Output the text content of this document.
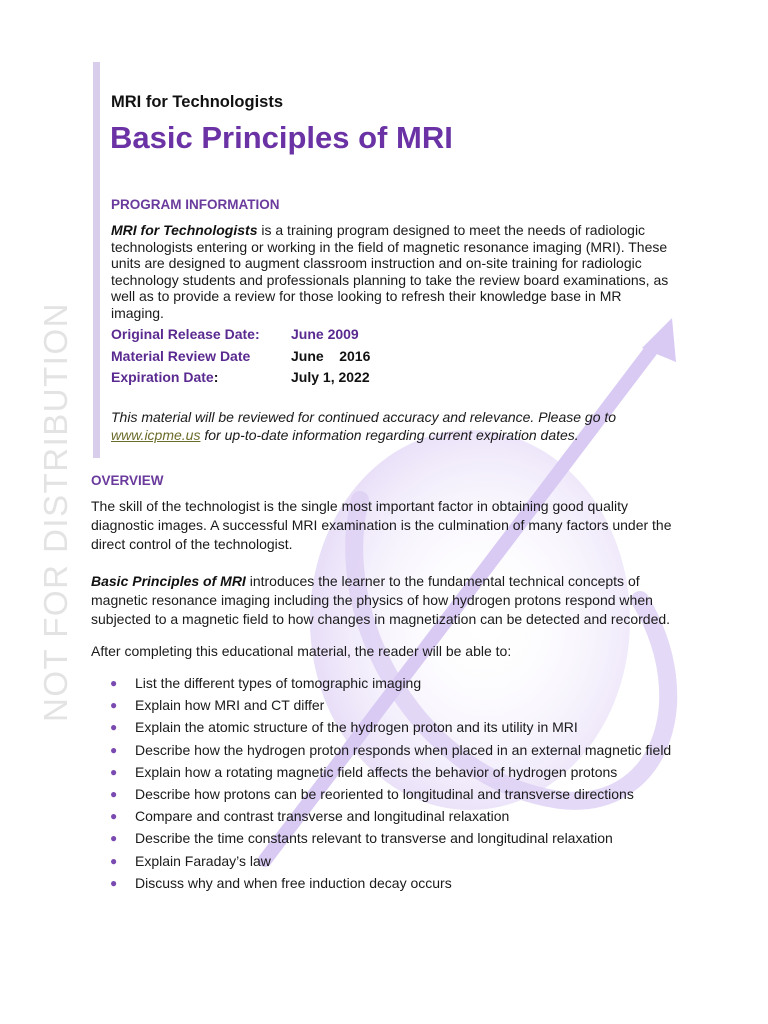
NOT FOR DISTRIBUTION
MRI for Technologists
Basic Principles of MRI
PROGRAM INFORMATION
MRI for Technologists is a training program designed to meet the needs of radiologic technologists entering or working in the field of magnetic resonance imaging (MRI). These units are designed to augment classroom instruction and on-site training for radiologic technology students and professionals planning to take the review board examinations, as well as to provide a review for those looking to refresh their knowledge base in MR imaging.
Original Release Date:	June 2009
Material Review Date	June    2016
Expiration Date:	July 1, 2022
This material will be reviewed for continued accuracy and relevance. Please go to www.icpme.us for up-to-date information regarding current expiration dates.
OVERVIEW
The skill of the technologist is the single most important factor in obtaining good quality diagnostic images. A successful MRI examination is the culmination of many factors under the direct control of the technologist.
Basic Principles of MRI introduces the learner to the fundamental technical concepts of magnetic resonance imaging including the physics of how hydrogen protons respond when subjected to a magnetic field to how changes in magnetization can be detected and recorded.
After completing this educational material, the reader will be able to:
●	List the different types of tomographic imaging
●	Explain how MRI and CT differ
●	Explain the atomic structure of the hydrogen proton and its utility in MRI
●	Describe how the hydrogen proton responds when placed in an external magnetic field
●	Explain how a rotating magnetic field affects the behavior of hydrogen protons
●	Describe how protons can be reoriented to longitudinal and transverse directions
●	Compare and contrast transverse and longitudinal relaxation
●	Describe the time constants relevant to transverse and longitudinal relaxation
●	Explain Faraday’s law
●	Discuss why and when free induction decay occurs
